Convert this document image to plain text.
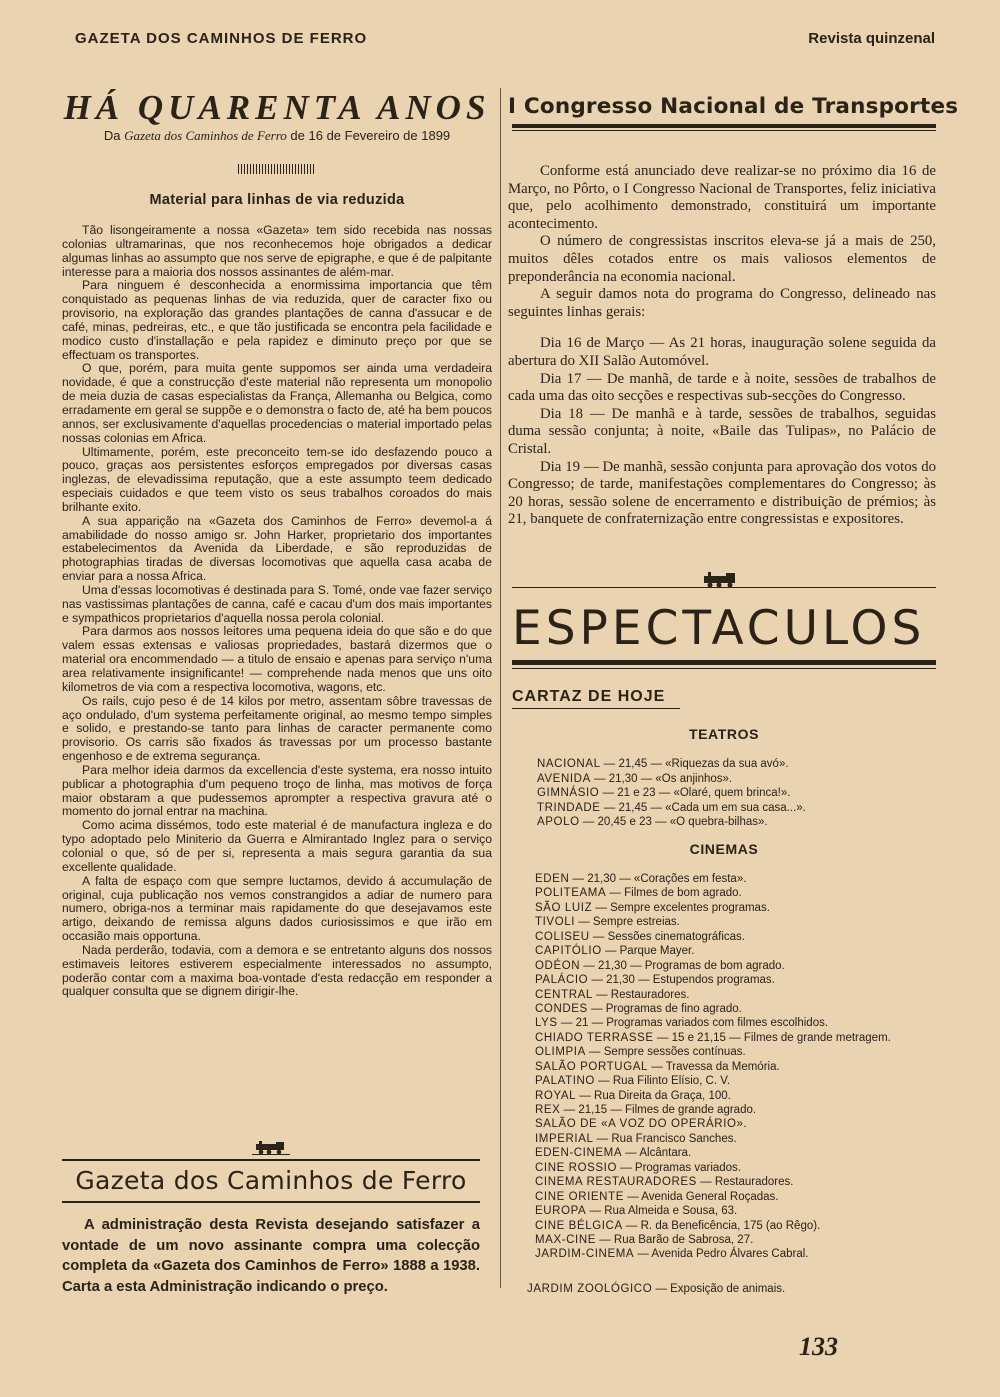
GAZETA DOS CAMINHOS DE FERRO	Revista quinzenal
HÁ QUARENTA ANOS
Da Gazeta dos Caminhos de Ferro de 16 de Fevereiro de 1899
Material para linhas de via reduzida

Tão lisongeiramente a nossa «Gazeta» tem sido recebida nas nossas colonias ultramarinas, que nos reconhecemos hoje obrigados a dedicar algumas linhas ao assumpto que nos serve de epigraphe, e que é de palpitante interesse para a maioria dos nossos assinantes de além-mar.

Para ninguem é desconhecida a enormissima importancia que têm conquistado as pequenas linhas de via reduzida, quer de caracter fixo ou provisorio, na exploração das grandes plantações de canna d'assucar e de café, minas, pedreiras, etc., e que tão justificada se encontra pela facilidade e modico custo d'installação e pela rapidez e diminuto preço por que se effectuam os transportes.

O que, porém, para muita gente suppomos ser ainda uma verdadeira novidade, é que a construcção d'este material não representa um monopolio de meia duzia de casas especialistas da França, Allemanha ou Belgica, como erradamente em geral se suppõe e o demonstra o facto de, até ha bem poucos annos, ser exclusivamente d'aquellas procedencias o material importado pelas nossas colonias em Africa.

Ultimamente, porém, este preconceito tem-se ido desfazendo pouco a pouco, graças aos persistentes esforços empregados por diversas casas inglezas, de elevadissima reputação, que a este assumpto teem dedicado especiais cuidados e que teem visto os seus trabalhos coroados do mais brilhante exito.

A sua apparição na «Gazeta dos Caminhos de Ferro» devemol-a á amabilidade do nosso amigo sr. John Harker, proprietario dos importantes estabelecimentos da Avenida da Liberdade, e são reproduzidas de photographias tiradas de diversas locomotivas que aquella casa acaba de enviar para a nossa Africa.

Uma d'essas locomotivas é destinada para S. Tomé, onde vae fazer serviço nas vastissimas plantações de canna, café e cacau d'um dos mais importantes e sympathicos proprietarios d'aquella nossa perola colonial.

Para darmos aos nossos leitores uma pequena ideia do que são e do que valem essas extensas e valiosas propriedades, bastará dizermos que o material ora encommendado — a titulo de ensaio e apenas para serviço n'uma area relativamente insignificante! — comprehende nada menos que uns oito kilometros de via com a respectiva locomotiva, wagons, etc.

Os rails, cujo peso é de 14 kilos por metro, assentam sôbre travessas de aço ondulado, d'um systema perfeitamente original, ao mesmo tempo simples e solido, e prestando-se tanto para linhas de caracter permanente como provisorio. Os carris são fixados ás travessas por um processo bastante engenhoso e de extrema segurança.

Para melhor ideia darmos da excellencia d'este systema, era nosso intuito publicar a photographia d'um pequeno troço de linha, mas motivos de força maior obstaram a que pudessemos aprompter a respectiva gravura até o momento do jornal entrar na machina.

Como acima dissémos, todo este material é de manufactura ingleza e do typo adoptado pelo Miniterio da Guerra e Almirantado Inglez para o serviço colonial o que, só de per si, representa a mais segura garantia da sua excellente qualidade.

A falta de espaço com que sempre luctamos, devido á accumulação de original, cuja publicação nos vemos constrangidos a adiar de numero para numero, obriga-nos a terminar mais rapidamente do que desejavamos este artigo, deixando de remissa alguns dados curiosissimos e que irão em occasião mais opportuna.

Nada perderão, todavia, com a demora e se entretanto alguns dos nossos estimaveis leitores estiverem especialmente interessados no assumpto, poderão contar com a maxima boa-vontade d'esta redacção em responder a qualquer consulta que se dignem dirigir-lhe.

Gazeta dos Caminhos de Ferro

A administração desta Revista desejando satisfazer a vontade de um novo assinante compra uma colecção completa da «Gazeta dos Caminhos de Ferro» 1888 a 1938. Carta a esta Administração indicando o preço.

I Congresso Nacional de Transportes

Conforme está anunciado deve realizar-se no próximo dia 16 de Março, no Pôrto, o I Congresso Nacional de Transportes, feliz iniciativa que, pelo acolhimento demonstrado, constituirá um importante acontecimento.

O número de congressistas inscritos eleva-se já a mais de 250, muitos dêles cotados entre os mais valiosos elementos de preponderância na economia nacional.

A seguir damos nota do programa do Congresso, delineado nas seguintes linhas gerais:

Dia 16 de Março — As 21 horas, inauguração solene seguida da abertura do XII Salão Automóvel.

Dia 17 — De manhã, de tarde e à noite, sessões de trabalhos de cada uma das oito secções e respectivas sub-secções do Congresso.

Dia 18 — De manhã e à tarde, sessões de trabalhos, seguidas duma sessão conjunta; à noite, «Baile das Tulipas», no Palácio de Cristal.

Dia 19 — De manhã, sessão conjunta para aprovação dos votos do Congresso; de tarde, manifestações complementares do Congresso; às 20 horas, sessão solene de encerramento e distribuição de prémios; às 21, banquete de confraternização entre congressistas e expositores.

ESPECTACULOS
CARTAZ DE HOJE
TEATROS
NACIONAL — 21,45 — «Riquezas da sua avó».
AVENIDA — 21,30 — «Os anjinhos».
GIMNÁSIO — 21 e 23 — «Olaré, quem brinca!».
TRINDADE — 21,45 — «Cada um em sua casa...».
APOLO — 20,45 e 23 — «O quebra-bilhas».
CINEMAS
EDEN — 21,30 — «Corações em festa».
POLITEAMA — Filmes de bom agrado.
SÃO LUIZ — Sempre excelentes programas.
TIVOLI — Sempre estreias.
COLISEU — Sessões cinematográficas.
CAPITÓLIO — Parque Mayer.
ODÉON — 21,30 — Programas de bom agrado.
PALÁCIO — 21,30 — Estupendos programas.
CENTRAL — Restauradores.
CONDES — Programas de fino agrado.
LYS — 21 — Programas variados com filmes escolhidos.
CHIADO TERRASSE — 15 e 21,15 — Filmes de grande metragem.
OLIMPIA — Sempre sessões contínuas.
SALÃO PORTUGAL — Travessa da Memória.
PALATINO — Rua Filinto Elísio, C. V.
ROYAL — Rua Direita da Graça, 100.
REX — 21,15 — Filmes de grande agrado.
SALÃO DE «A VOZ DO OPERÁRIO».
IMPERIAL — Rua Francisco Sanches.
EDEN-CINEMA — Alcântara.
CINE ROSSIO — Programas variados.
CINEMA RESTAURADORES — Restauradores.
CINE ORIENTE — Avenida General Roçadas.
EUROPA — Rua Almeida e Sousa, 63.
CINE BÉLGICA — R. da Beneficência, 175 (ao Rêgo).
MAX-CINE — Rua Barão de Sabrosa, 27.
JARDIM-CINEMA — Avenida Pedro Álvares Cabral.
JARDIM ZOOLÓGICO — Exposição de animais.
133
